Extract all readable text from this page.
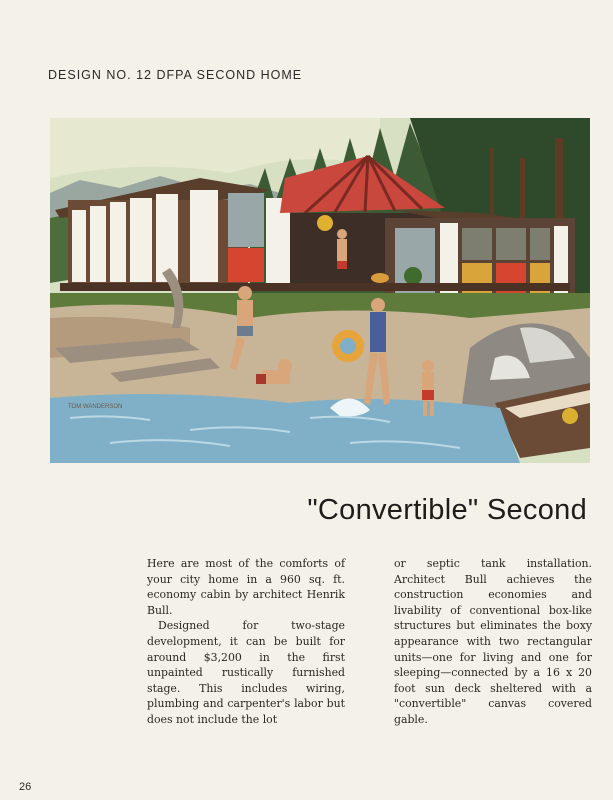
DESIGN NO. 12 DFPA SECOND HOME
TOM WANDERSON
"Convertible" Second

Here are most of the comforts of your city home in a 960 sq. ft. economy cabin by architect Henrik Bull.

Designed for two-stage development, it can be built for around $3,200 in the first unpainted rustically furnished stage. This includes wiring, plumbing and carpenter's labor but does not include the lot

or septic tank installation. Architect Bull achieves the construction economies and livability of conventional box-like structures but eliminates the boxy appearance with two rectangular units—one for living and one for sleeping—connected by a 16 x 20 foot sun deck sheltered with a "convertible" canvas covered gable.

26
